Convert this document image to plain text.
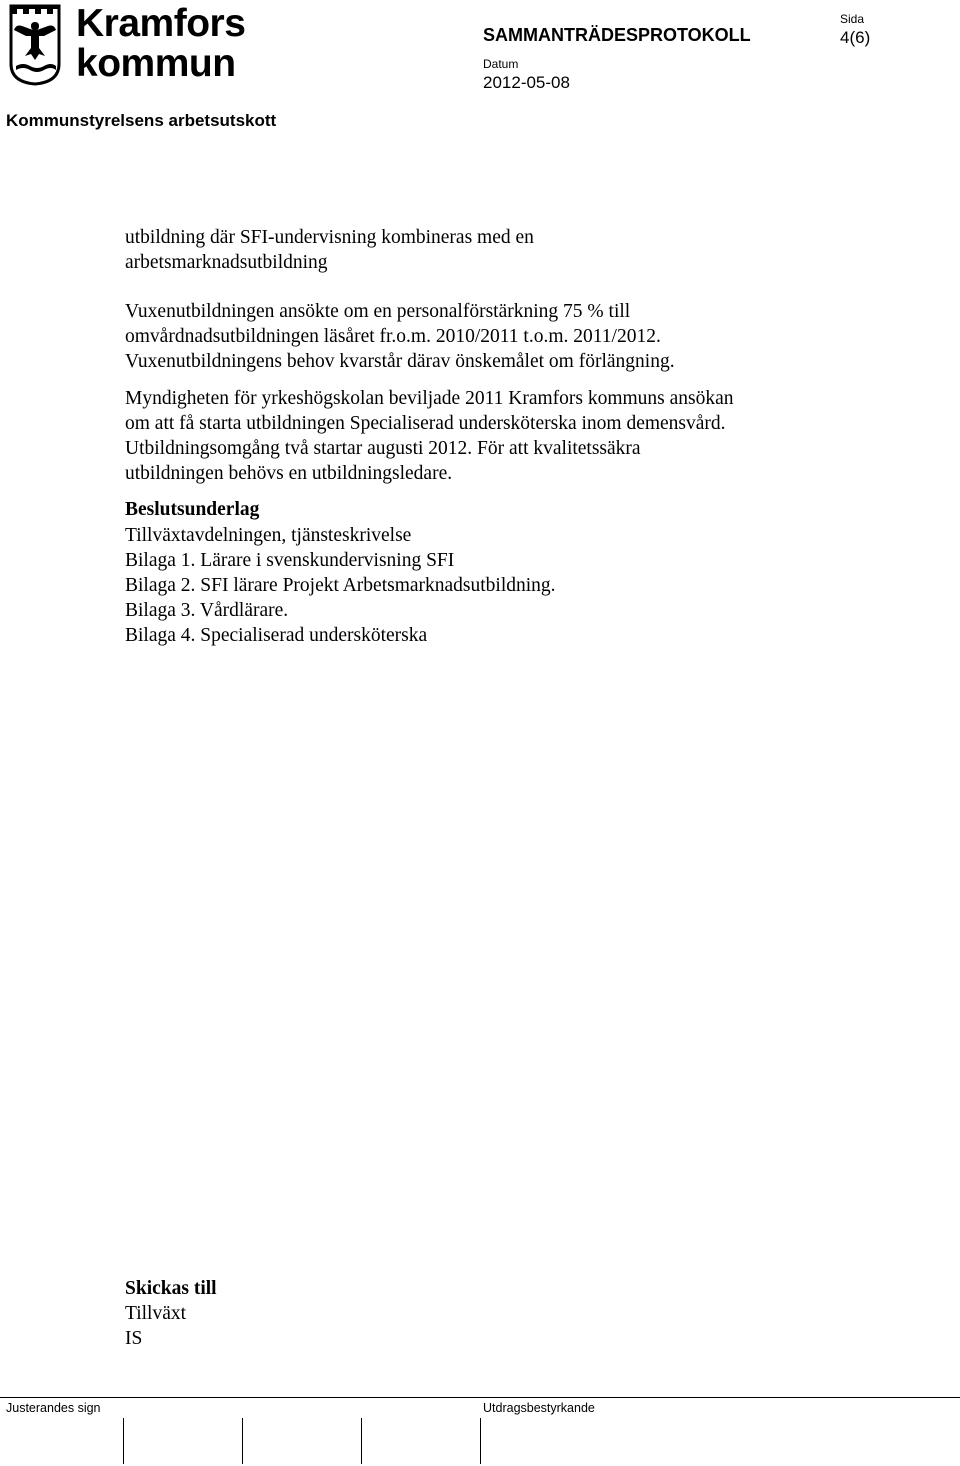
Kramfors
kommun
SAMMANTRÄDESPROTOKOLL
Datum
2012-05-08
Sida
4(6)
Kommunstyrelsens arbetsutskott
utbildning där SFI-undervisning kombineras med en
arbetsmarknadsutbildning
Vuxenutbildningen ansökte om en personalförstärkning 75 % till
omvårdnadsutbildningen läsåret fr.o.m. 2010/2011 t.o.m. 2011/2012.
Vuxenutbildningens behov kvarstår därav önskemålet om förlängning.
Myndigheten för yrkeshögskolan beviljade 2011 Kramfors kommuns ansökan
om att få starta utbildningen Specialiserad undersköterska inom demensvård.
Utbildningsomgång två startar augusti 2012. För att kvalitetssäkra
utbildningen behövs en utbildningsledare.
Beslutsunderlag
Tillväxtavdelningen, tjänsteskrivelse
Bilaga 1. Lärare i svenskundervisning SFI
Bilaga 2. SFI lärare Projekt Arbetsmarknadsutbildning.
Bilaga 3. Vårdlärare.
Bilaga 4. Specialiserad undersköterska
Skickas till
Tillväxt
IS
Justerandes sign	Utdragsbestyrkande
